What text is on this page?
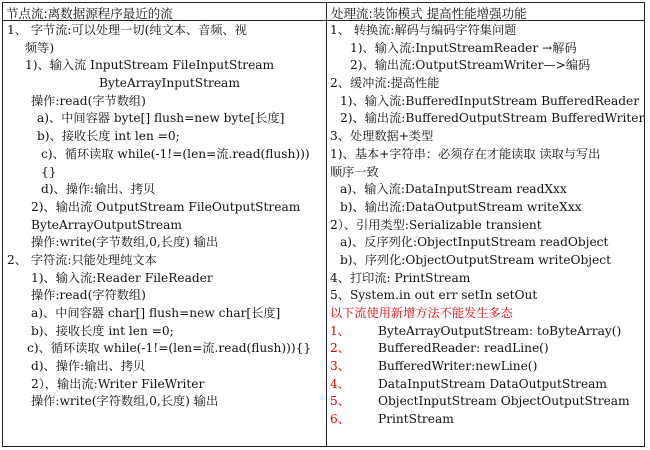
节点流:离数据源程序最近的流	处理流:装饰模式 提高性能增强功能
1、 字节流:可以处理一切(纯文本、音频、视
频等)
1)、输入流 InputStream FileInputStream
ByteArrayInputStream
操作:read(字节数组)
a)、中间容器 byte[] flush=new byte[长度]
b)、接收长度 int len =0;
c)、循环读取 while(-1!=(len=流.read(flush)))
{}
d)、操作:输出、拷贝
2)、输出流 OutputStream FileOutputStream
ByteArrayOutputStream
操作:write(字节数组,0,长度) 输出
2、 字符流:只能处理纯文本
1)、输入流:Reader FileReader
操作:read(字符数组)
a)、中间容器 char[] flush=new char[长度]
b)、接收长度 int len =0;
c)、循环读取 while(-1!=(len=流.read(flush))){}
d)、操作:输出、拷贝
2），输出流:Writer FileWriter
操作:write(字符数组,0,长度) 输出
1、 转换流:解码与编码字符集问题
1)、输入流:InputStreamReader →解码
2)、输出流:OutputStreamWriter—>编码
2、缓冲流:提高性能
1)、输入流:BufferedInputStream BufferedReader
2)、输出流:BufferedOutputStream BufferedWriter
3、处理数据+类型
1)、基本+字符串：必须存在才能读取 读取与写出
顺序一致
a)、输入流:DataInputStream readXxx
b)、输出流:DataOutputStream writeXxx
2）、引用类型:Serializable transient
a)、反序列化:ObjectInputStream readObject
b)、序列化:ObjectOutputStream writeObject
4、打印流: PrintStream
5、System.in out err setIn setOut
以下流使用新增方法不能发生多态
1、 ByteArrayOutputStream: toByteArray()
2、 BufferedReader: readLine()
3、 BufferedWriter:newLine()
4、 DataInputStream DataOutputStream
5、 ObjectInputStream ObjectOutputStream
6、 PrintStream
